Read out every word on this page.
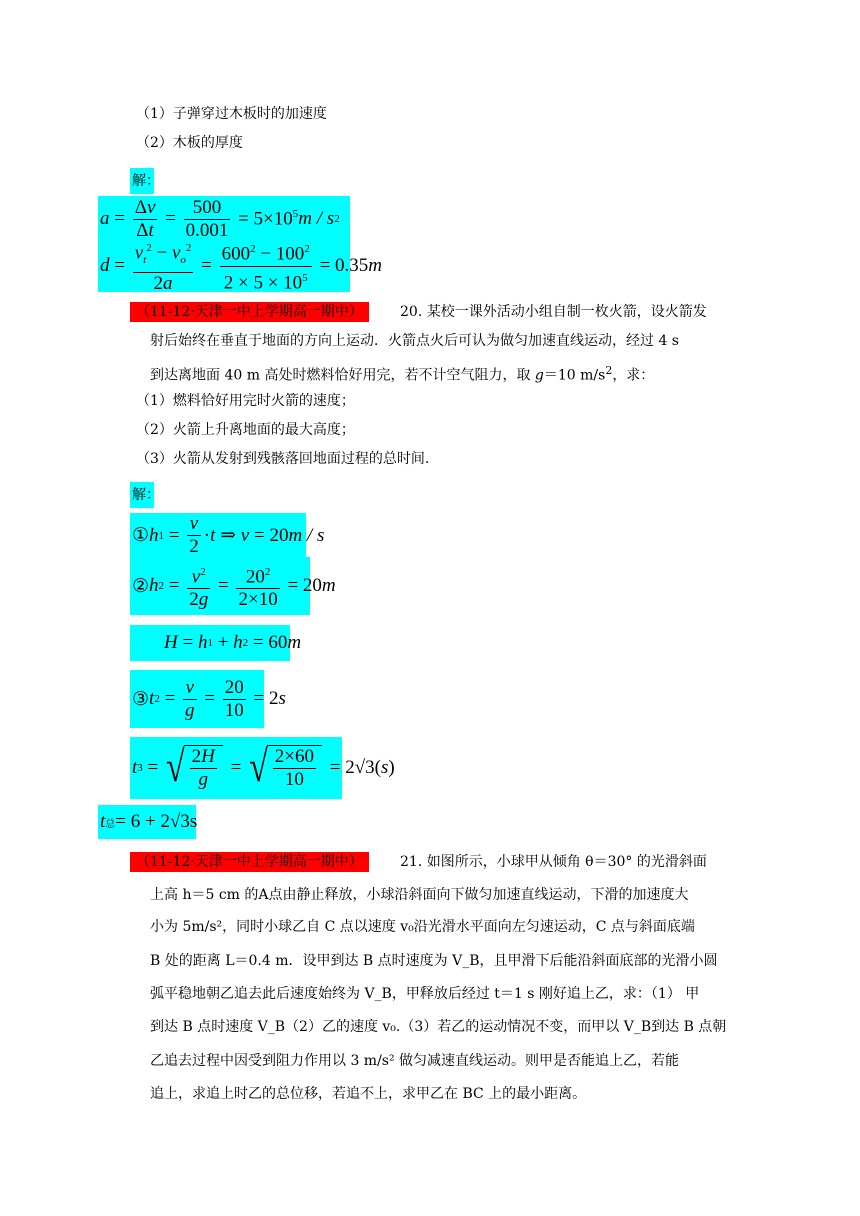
（1）子弹穿过木板时的加速度
（2）木板的厚度
解：
$a = \frac{\Delta v}{\Delta t} = \frac{500}{0.001} = 5\times 10^5$ m / s 2
$d = \frac{v_t^2 - v_o^2}{2a} = \frac{600^2 - 100^2}{2 \times 5 \times 10^5} = 0.35$ m
（11-12·天津一中上学期高一期中）	20. 某校一课外活动小组自制一枚火箭，设火箭发
射后始终在垂直于地面的方向上运动．火箭点火后可认为做匀加速直线运动，经过 4 s
到达离地面 40 m 高处时燃料恰好用完，若不计空气阻力，取 g＝10 $m/s^2$，求：
（1）燃料恰好用完时火箭的速度；
（2）火箭上升离地面的最大高度；
（3）火箭从发射到残骸落回地面过程的总时间.
解：
① h $1 = \frac{v}{2} \cdot t$ ⇒ v = 20 m / s
② h $2 = \frac{v^2}{2g} = \frac{20^2}{2\times 10} = 20$ m
H = h 1 + h 2 = 60 m
③ t $2 = \frac{v}{g} = \frac{20}{10} = 2$ s
t 3 = √ $\frac{2H}{g}$ = √ $\frac{2\times 60}{10} = 2√3$( s )
t 总 = 6 + 2√3s
（11-12·天津一中上学期高一期中）	21. 如图所示，小球甲从倾角 θ＝30° 的光滑斜面
上高 h＝5 cm 的A点由静止释放，小球沿斜面向下做匀加速直线运动，下滑的加速度大
小为 5m/s²，同时小球乙自 C 点以速度 v₀沿光滑水平面向左匀速运动，C 点与斜面底端
B 处的距离 L＝0.4 m．设甲到达 B 点时速度为 V_B，且甲滑下后能沿斜面底部的光滑小圆
弧平稳地朝乙追去此后速度始终为 V_B，甲释放后经过 t＝1 s 刚好追上乙，求：（1） 甲
到达 B 点时速度 V_B（2）乙的速度 v₀.（3）若乙的运动情况不变，而甲以 V_B到达 B 点朝
乙追去过程中因受到阻力作用以 3 m/s² 做匀减速直线运动。则甲是否能追上乙，若能
追上，求追上时乙的总位移，若追不上，求甲乙在 BC 上的最小距离。
